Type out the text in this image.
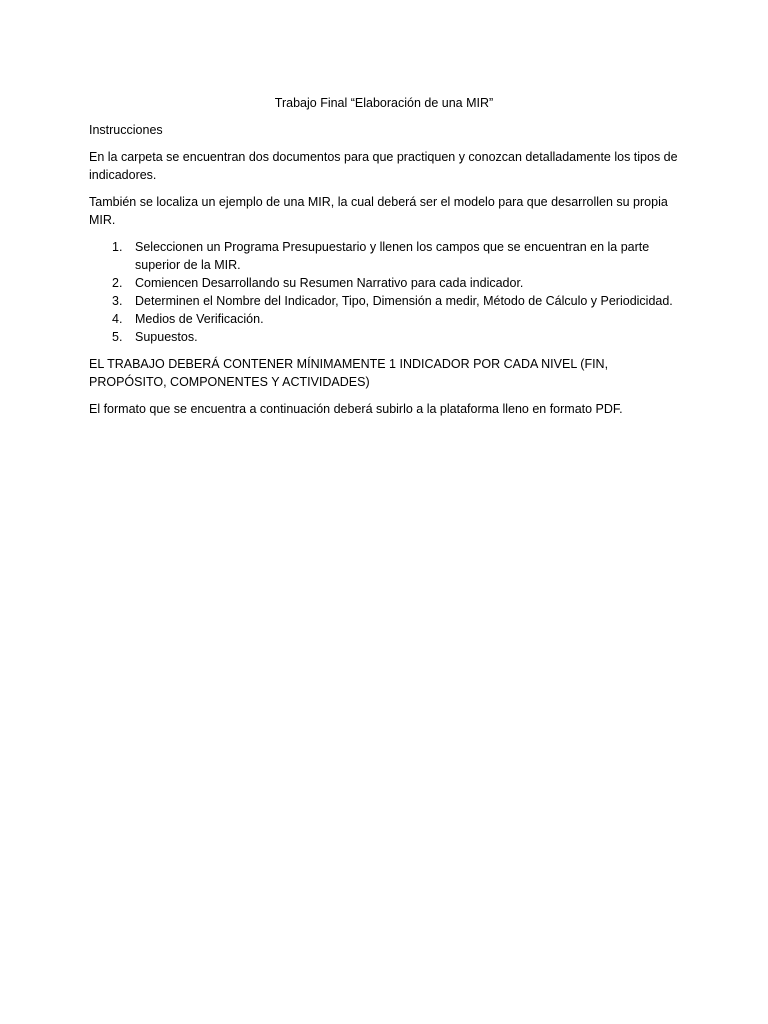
Trabajo Final “Elaboración de una MIR”

Instrucciones

En la carpeta se encuentran dos documentos para que practiquen y conozcan detalladamente los tipos de indicadores.

También se localiza un ejemplo de una MIR, la cual deberá ser el modelo para que desarrollen su propia MIR.

1. Seleccionen un Programa Presupuestario y llenen los campos que se encuentran en la parte superior de la MIR.
2. Comiencen Desarrollando su Resumen Narrativo para cada indicador.
3. Determinen el Nombre del Indicador, Tipo, Dimensión a medir, Método de Cálculo y Periodicidad.
4. Medios de Verificación.
5. Supuestos.

EL TRABAJO DEBERÁ CONTENER MÍNIMAMENTE 1 INDICADOR POR CADA NIVEL (FIN, PROPÓSITO, COMPONENTES Y ACTIVIDADES)

El formato que se encuentra a continuación deberá subirlo a la plataforma lleno en formato PDF.
